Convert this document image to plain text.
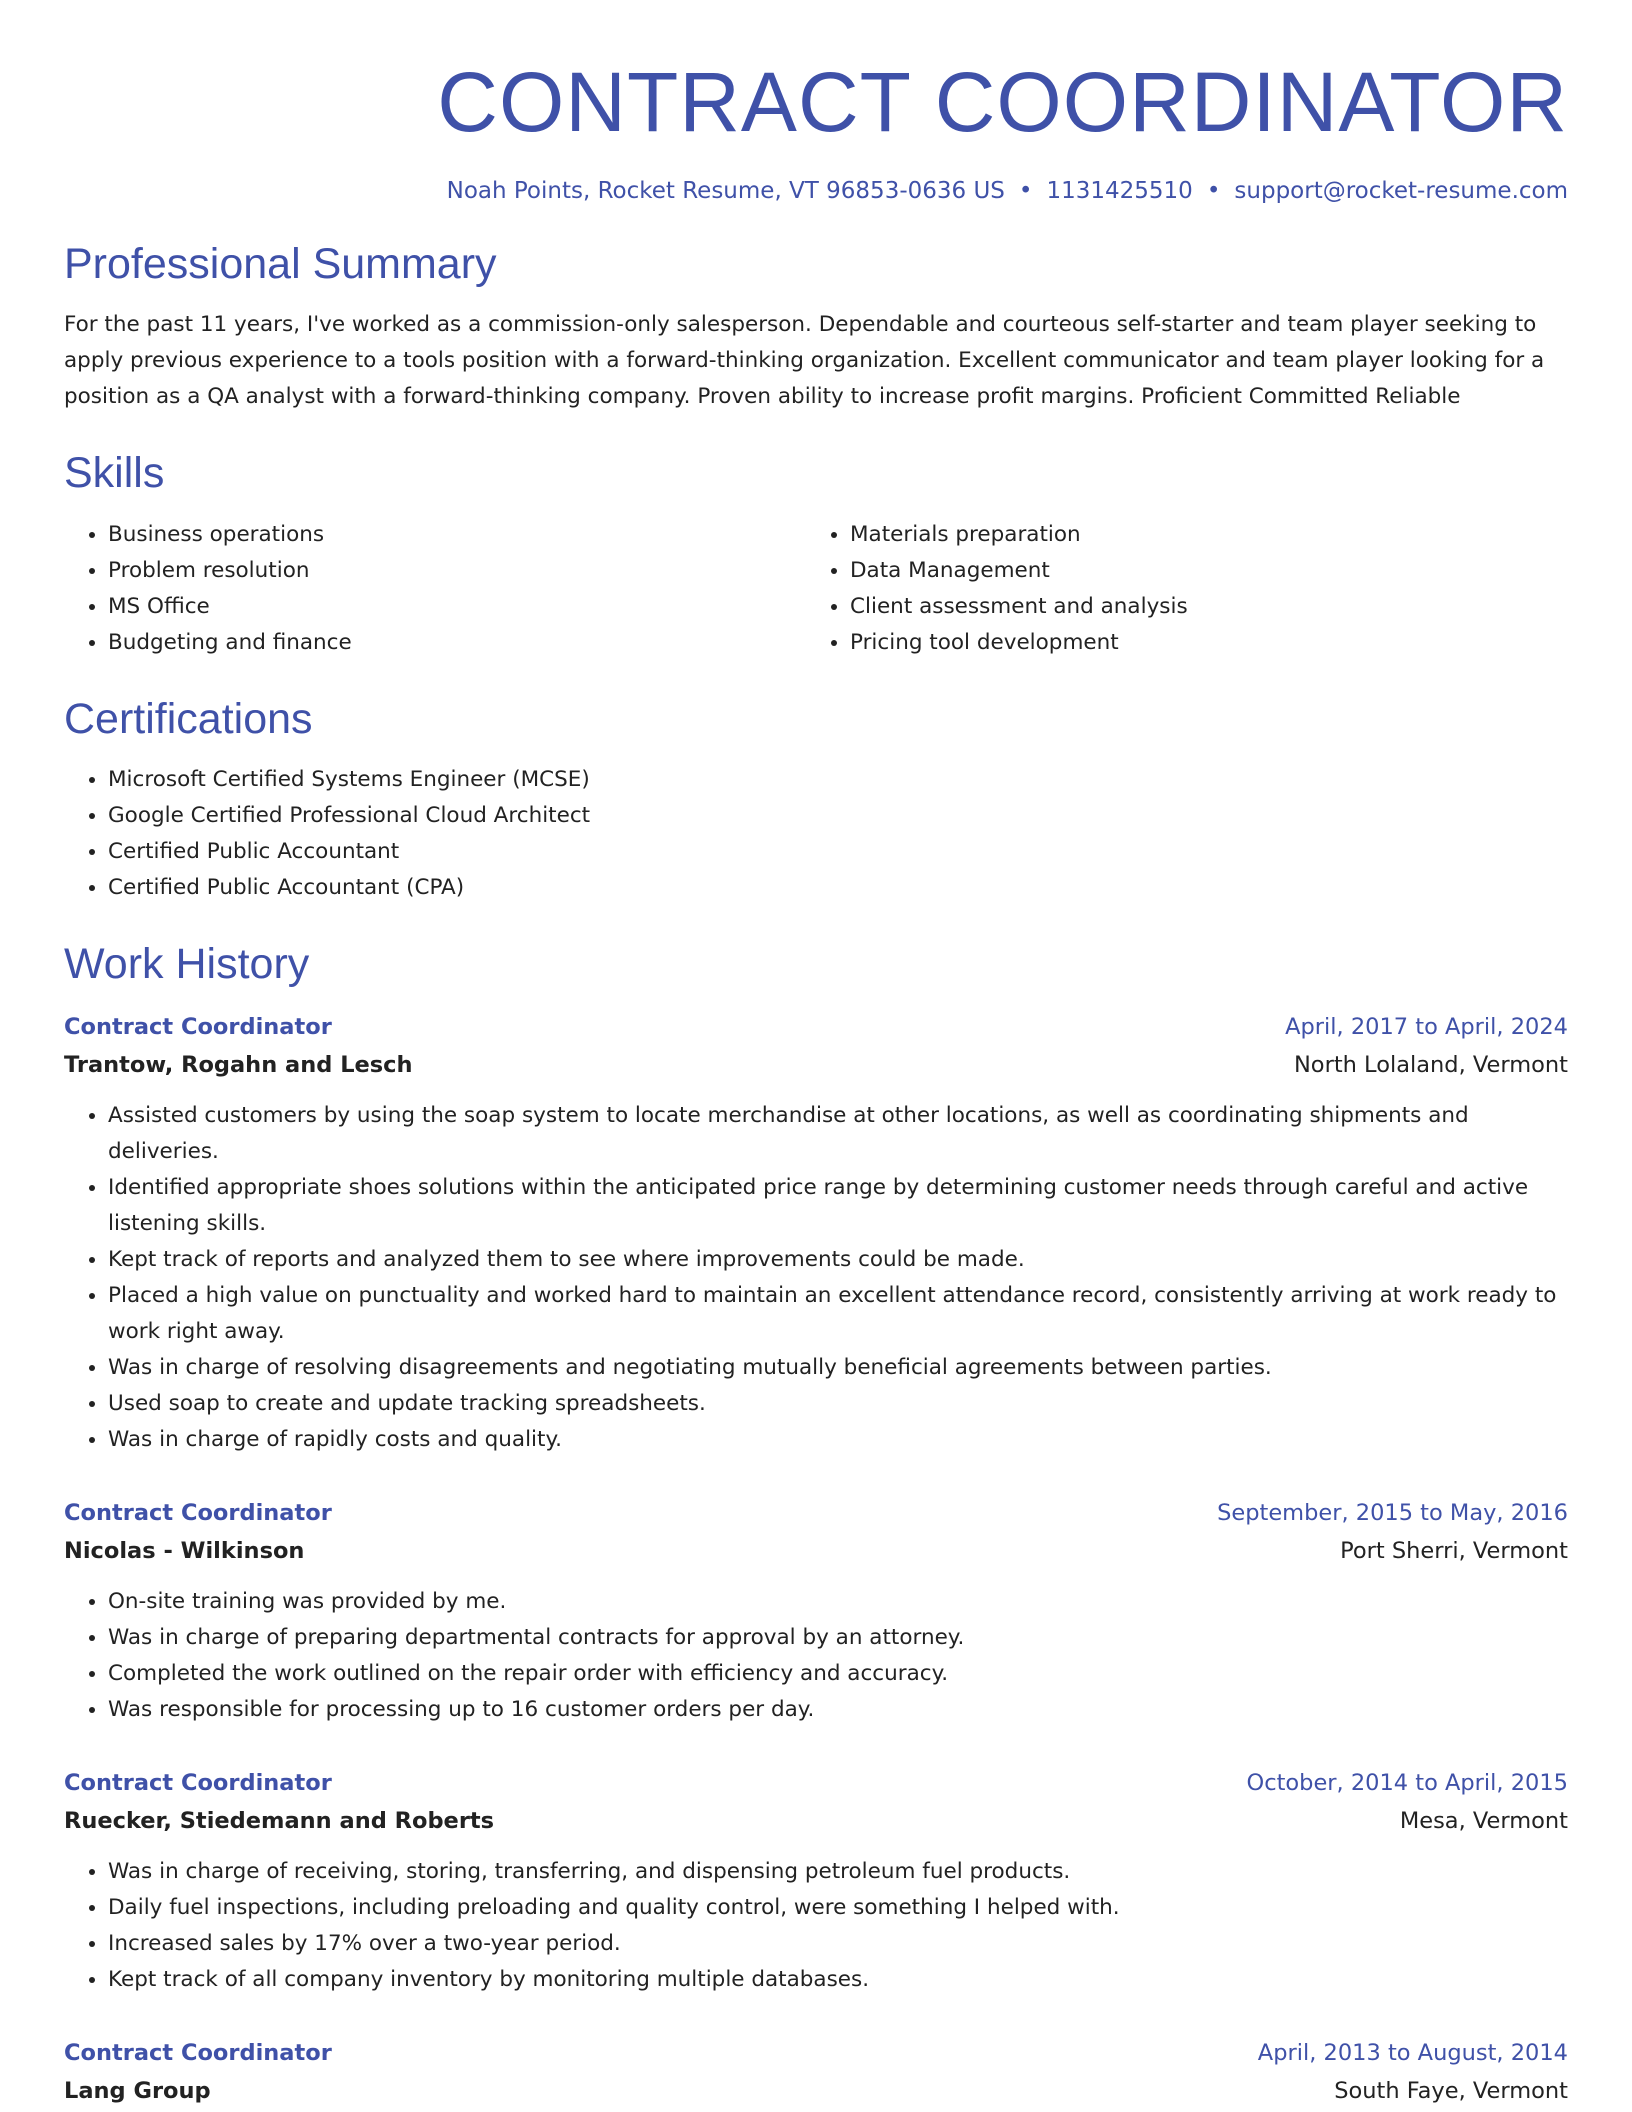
CONTRACT COORDINATOR
Noah Points, Rocket Resume, VT 96853-0636 US • 1131425510 • support@rocket-resume.com
Professional Summary

For the past 11 years, I've worked as a commission-only salesperson. Dependable and courteous self-starter and team player seeking to apply previous experience to a tools position with a forward-thinking organization. Excellent communicator and team player looking for a position as a QA analyst with a forward-thinking company. Proven ability to increase profit margins. Proficient Committed Reliable

Skills
• Business operations
• Problem resolution
• MS Office
• Budgeting and finance
• Materials preparation
• Data Management
• Client assessment and analysis
• Pricing tool development
Certifications
• Microsoft Certified Systems Engineer (MCSE)
• Google Certified Professional Cloud Architect
• Certified Public Accountant
• Certified Public Accountant (CPA)
Work History
Contract Coordinator	April, 2017 to April, 2024
Trantow, Rogahn and Lesch	North Lolaland, Vermont
• Assisted customers by using the soap system to locate merchandise at other locations, as well as coordinating shipments and deliveries.
• Identified appropriate shoes solutions within the anticipated price range by determining customer needs through careful and active listening skills.
• Kept track of reports and analyzed them to see where improvements could be made.
• Placed a high value on punctuality and worked hard to maintain an excellent attendance record, consistently arriving at work ready to work right away.
• Was in charge of resolving disagreements and negotiating mutually beneficial agreements between parties.
• Used soap to create and update tracking spreadsheets.
• Was in charge of rapidly costs and quality.
Contract Coordinator	September, 2015 to May, 2016
Nicolas - Wilkinson	Port Sherri, Vermont
• On-site training was provided by me.
• Was in charge of preparing departmental contracts for approval by an attorney.
• Completed the work outlined on the repair order with efficiency and accuracy.
• Was responsible for processing up to 16 customer orders per day.
Contract Coordinator	October, 2014 to April, 2015
Ruecker, Stiedemann and Roberts	Mesa, Vermont
• Was in charge of receiving, storing, transferring, and dispensing petroleum fuel products.
• Daily fuel inspections, including preloading and quality control, were something I helped with.
• Increased sales by 17% over a two-year period.
• Kept track of all company inventory by monitoring multiple databases.
Contract Coordinator	April, 2013 to August, 2014
Lang Group	South Faye, Vermont
